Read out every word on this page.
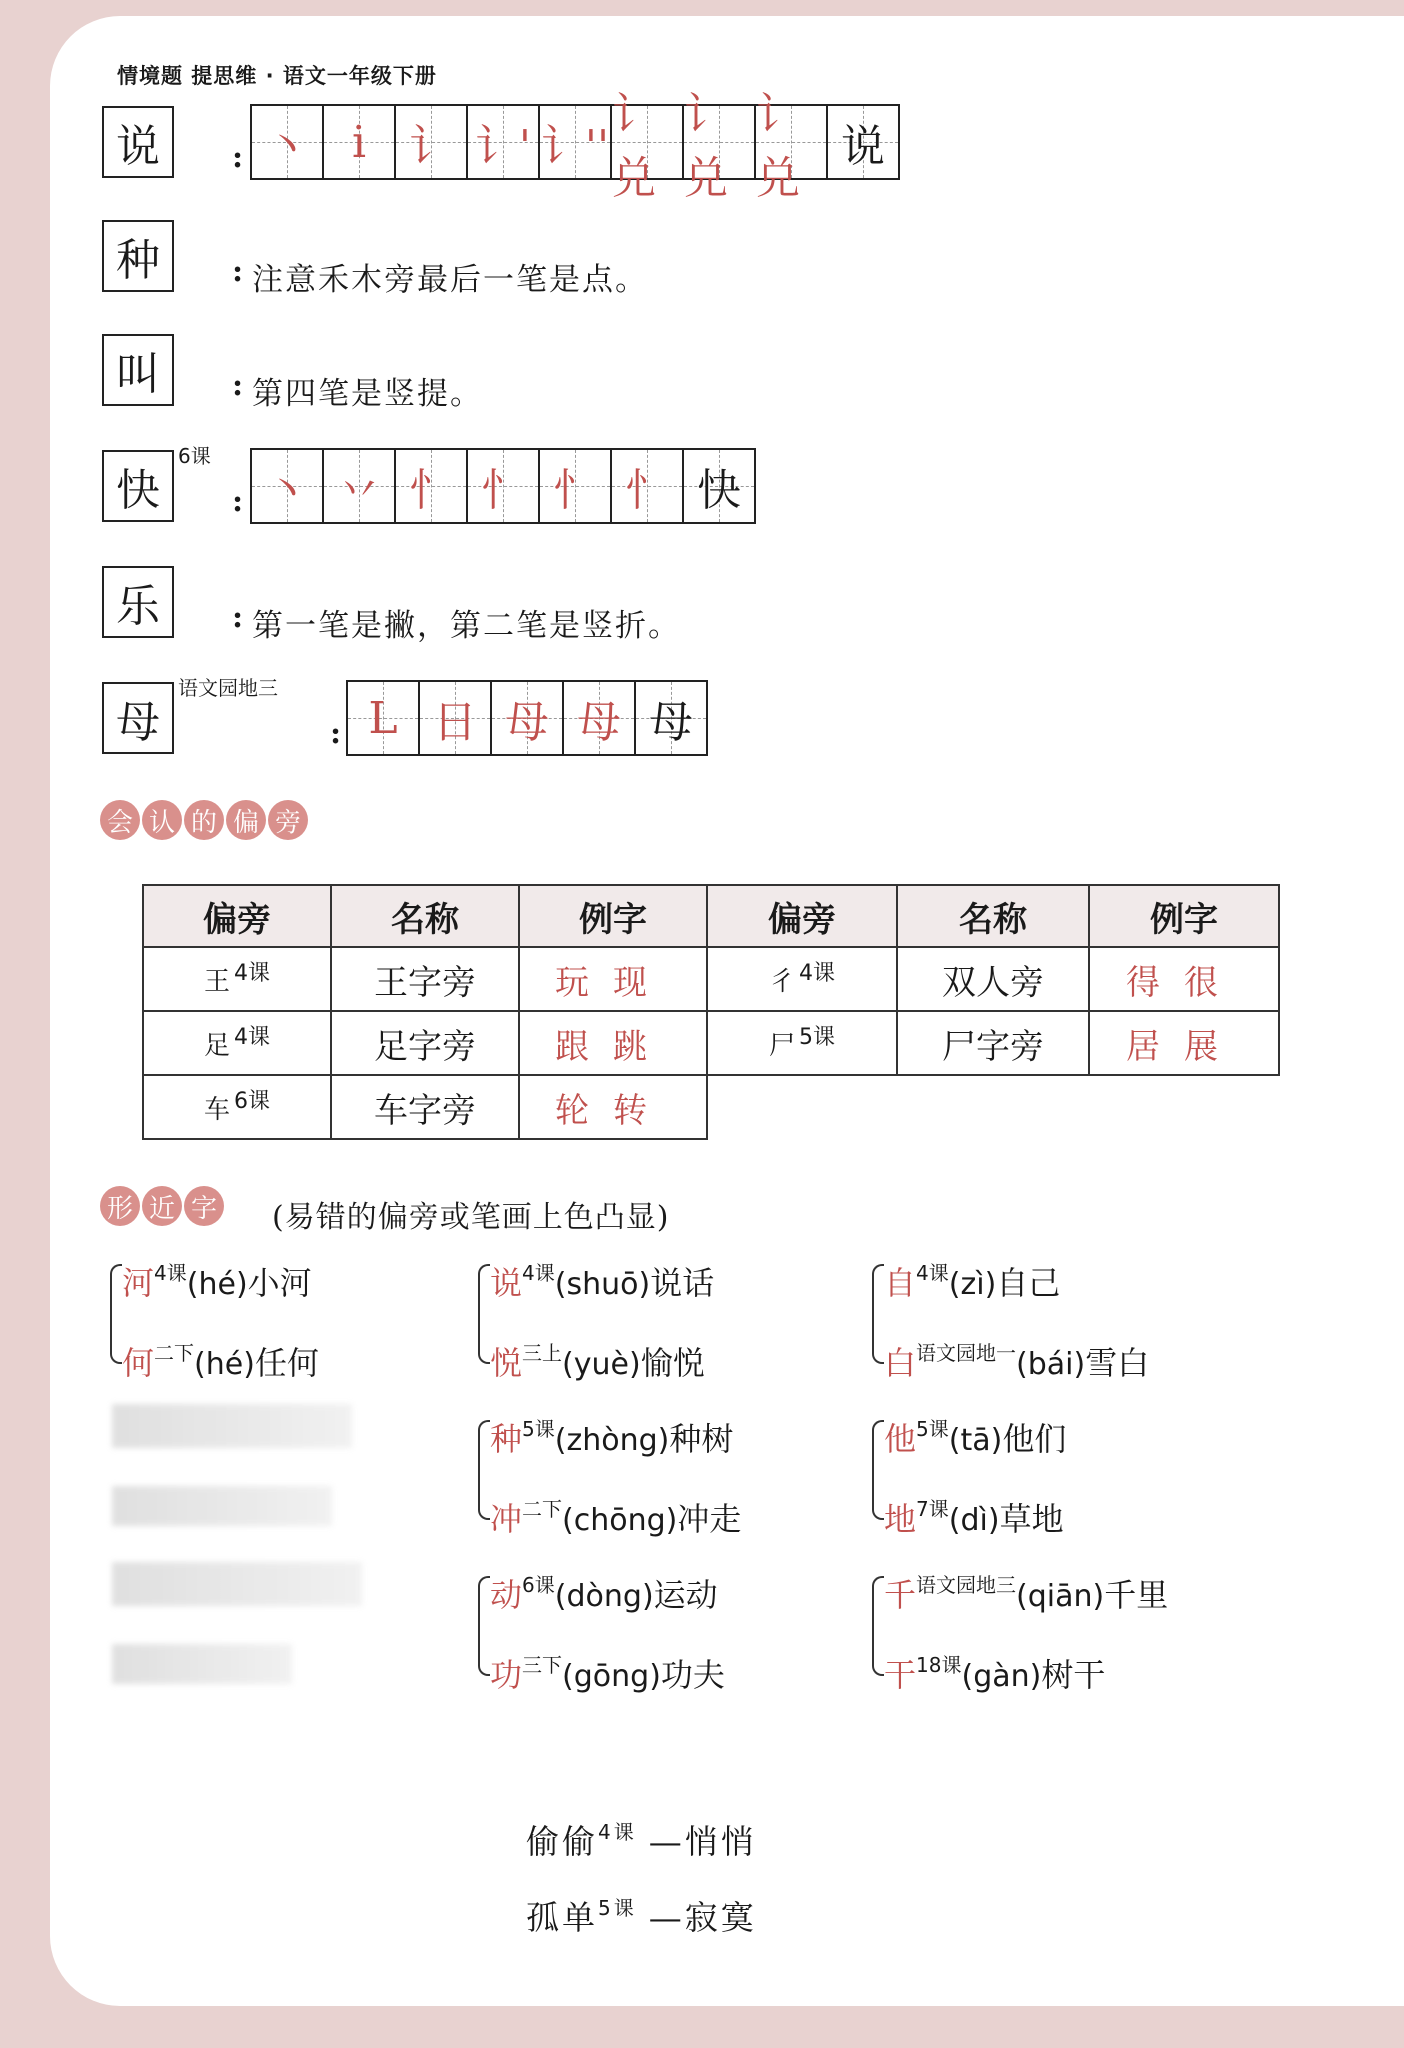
情境题 提思维 · 语文一年级下册
说	: 丶 i 讠 讠' 讠''
讠兑
讠兑
讠兑
说
种	: 注意禾木旁最后一笔是点。
叫	: 第四笔是竖提。
快
6课
: 丶 丷 忄 忄 忄 忄 快
乐	: 第一笔是撇，第二笔是竖折。
母
语文园地三
: L 日 母 母 母
会 认 的 偏 旁
偏旁	名称	例字	偏旁	名称	例字
王 $^{4课}$	王字旁	玩现	彳 $^{4课}$	双人旁	得很
足 $^{4课}$	足字旁	跟跳	尸 $^{5课}$	尸字旁	居展
车 $^{6课}$	车字旁	轮转			
形 近 字 (易错的偏旁或笔画上色凸显)
河$^{4课}$(hé)小河
何$^{二下}$(hé)任何
说$^{4课}$(shuō)说话
悦$^{三上}$(yuè)愉悦
自$^{4课}$(zì)自己
白$^{语文园地一}$(bái)雪白
种$^{5课}$(zhòng)种树
冲$^{二下}$(chōng)冲走
他$^{5课}$(tā)他们
地$^{7课}$(dì)草地
动$^{6课}$(dòng)运动
功$^{三下}$(gōng)功夫
千$^{语文园地三}$(qiān)千里
干$^{18课}$(gàn)树干
偷偷$^{4课}$ —悄悄
孤单$^{5课}$ —寂寞
